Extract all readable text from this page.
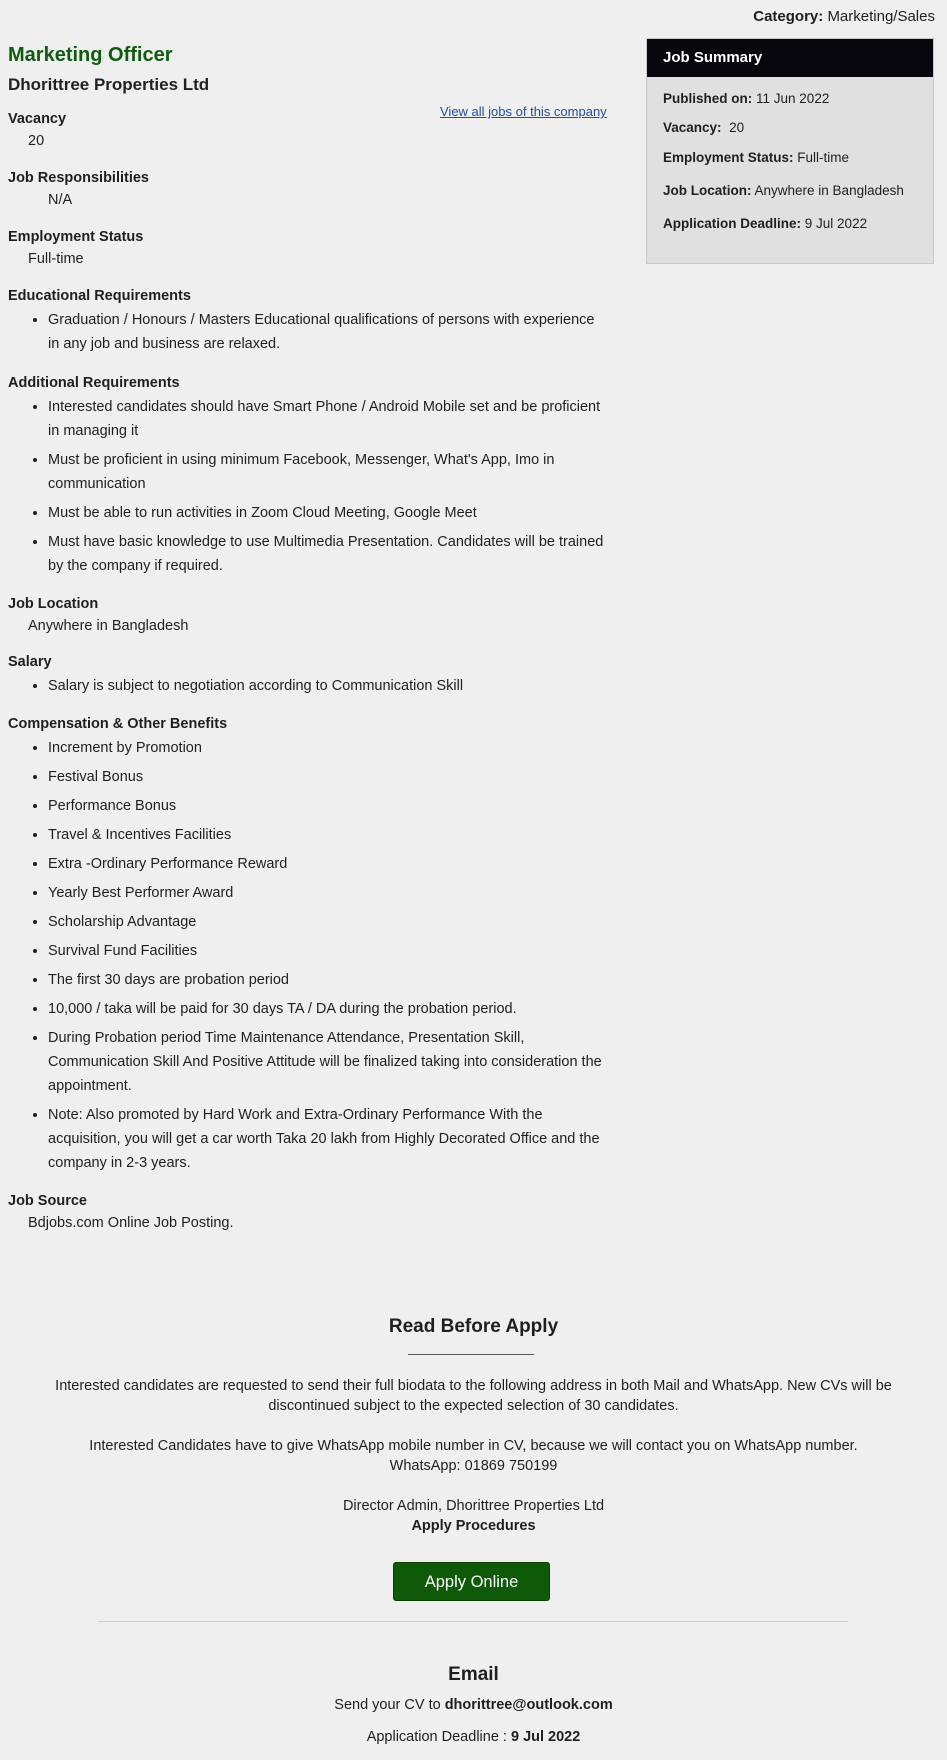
Category: Marketing/Sales
Marketing Officer
Dhorittree Properties Ltd
View all jobs of this company
Vacancy
20
Job Responsibilities
N/A
Employment Status
Full-time
Educational Requirements
• Graduation / Honours / Masters Educational qualifications of persons with experience in any job and business are relaxed.
Additional Requirements
• Interested candidates should have Smart Phone / Android Mobile set and be proficient in managing it
• Must be proficient in using minimum Facebook, Messenger, What's App, Imo in communication
• Must be able to run activities in Zoom Cloud Meeting, Google Meet
• Must have basic knowledge to use Multimedia Presentation. Candidates will be trained by the company if required.
Job Location
Anywhere in Bangladesh
Salary
• Salary is subject to negotiation according to Communication Skill
Compensation & Other Benefits
• Increment by Promotion
• Festival Bonus
• Performance Bonus
• Travel & Incentives Facilities
• Extra -Ordinary Performance Reward
• Yearly Best Performer Award
• Scholarship Advantage
• Survival Fund Facilities
• The first 30 days are probation period
• 10,000 / taka will be paid for 30 days TA / DA during the probation period.
• During Probation period Time Maintenance Attendance, Presentation Skill, Communication Skill And Positive Attitude will be finalized taking into consideration the appointment.
• Note: Also promoted by Hard Work and Extra-Ordinary Performance With the acquisition, you will get a car worth Taka 20 lakh from Highly Decorated Office and the company in 2-3 years.
Job Source
Bdjobs.com Online Job Posting.
Job Summary
Published on: 11 Jun 2022
Vacancy: 20
Employment Status: Full-time
Job Location: Anywhere in Bangladesh
Application Deadline: 9 Jul 2022
Read Before Apply
Interested candidates are requested to send their full biodata to the following address in both Mail and WhatsApp. New CVs will be
discontinued subject to the expected selection of 30 candidates.
Interested Candidates have to give WhatsApp mobile number in CV, because we will contact you on WhatsApp number.
WhatsApp: 01869 750199
Director Admin, Dhorittree Properties Ltd
Apply Procedures
Apply Online
Email
Send your CV to dhorittree@outlook.com
Application Deadline : 9 Jul 2022
